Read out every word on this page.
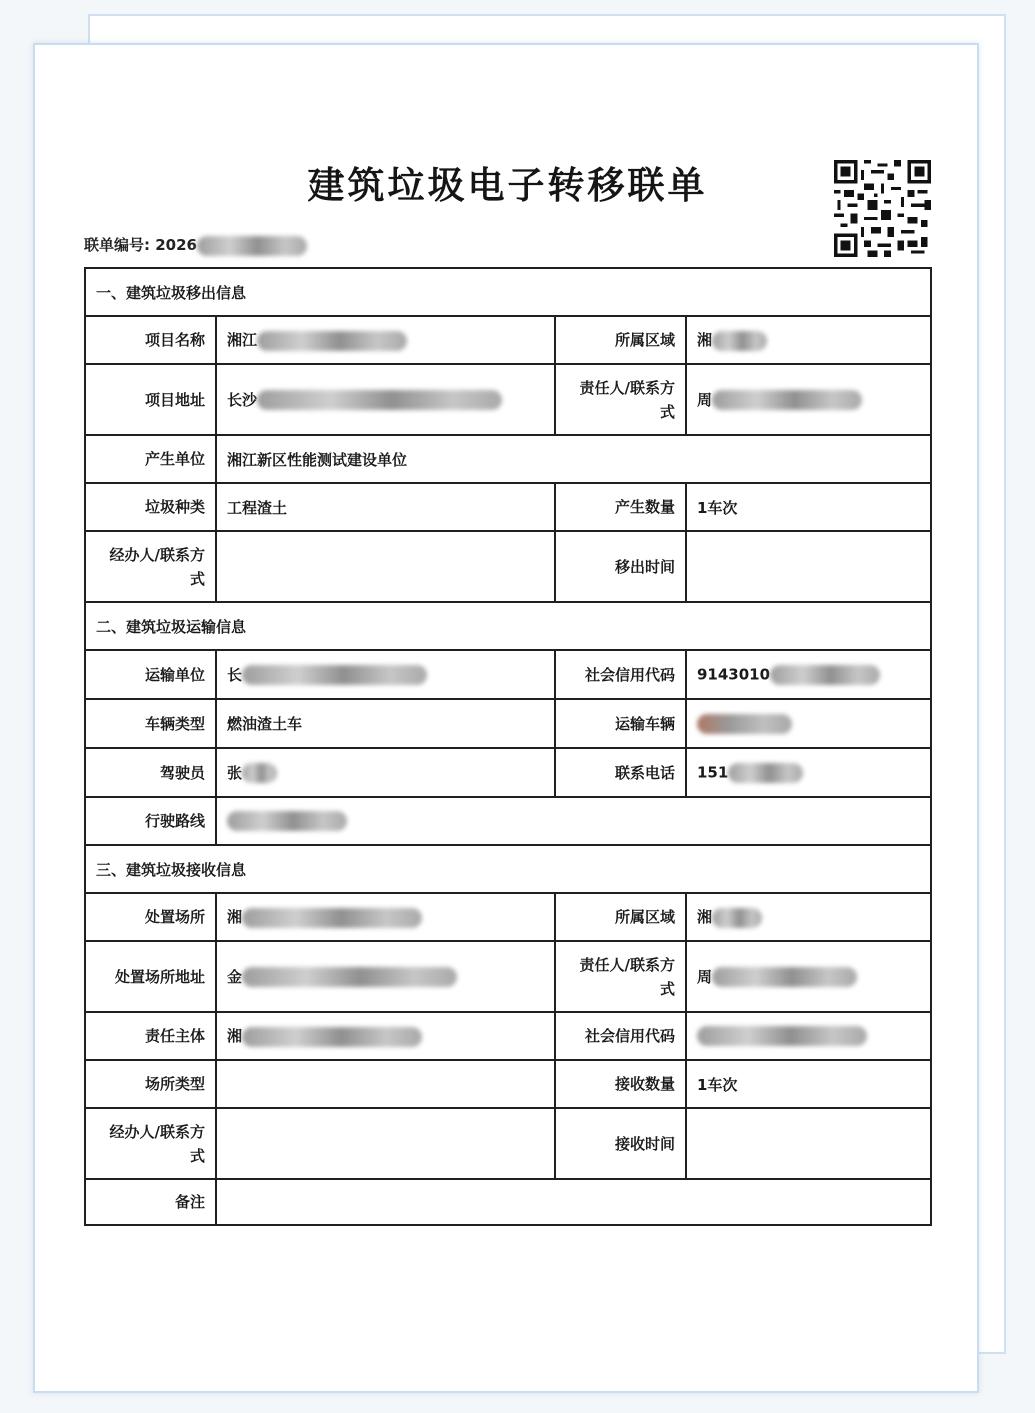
建筑垃圾电子转移联单
联单编号: 2026
一、建筑垃圾移出信息			
项目名称	湘江	所属区域	湘
项目地址	长沙	责任人/联系方式	周
产生单位	湘江新区性能测试建设单位		
垃圾种类	工程渣土	产生数量	1车次
经办人/联系方式		移出时间	
二、建筑垃圾运输信息			
运输单位	长	社会信用代码	9143010
车辆类型	燃油渣土车	运输车辆	
驾驶员	张	联系电话	151
行驶路线			
三、建筑垃圾接收信息			
处置场所	湘	所属区域	湘
处置场所地址	金	责任人/联系方式	周
责任主体	湘	社会信用代码	
场所类型		接收数量	1车次
经办人/联系方式		接收时间	
备注			
